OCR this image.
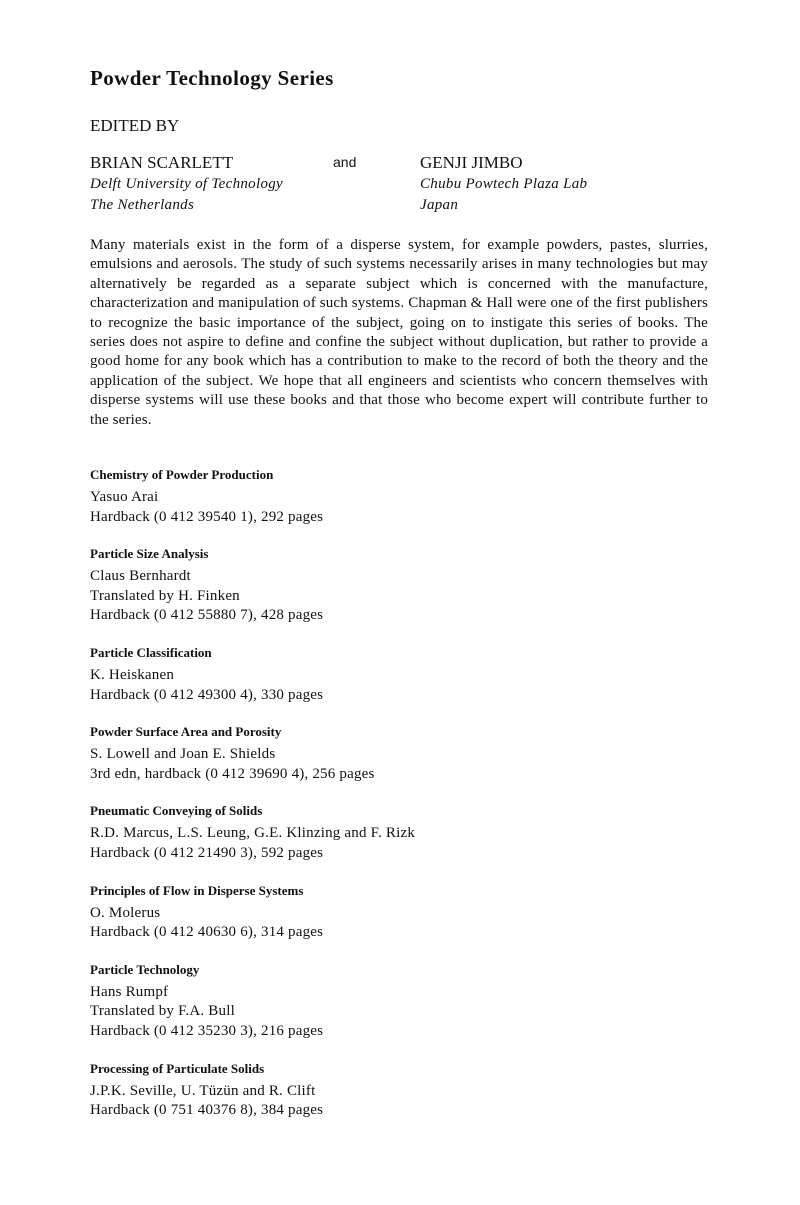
Powder Technology Series
EDITED BY
BRIAN SCARLETT
Delft University of Technology
The Netherlands
and	GENJI JIMBO
Chubu Powtech Plaza Lab
Japan
Many materials exist in the form of a disperse system, for example powders, pastes, slurries, emulsions and aerosols. The study of such systems necessarily arises in many technologies but may alternatively be regarded as a separate subject which is concerned with the manufacture, characterization and manipulation of such systems. Chapman & Hall were one of the first publishers to recognize the basic importance of the subject, going on to instigate this series of books. The series does not aspire to define and confine the subject without duplication, but rather to provide a good home for any book which has a contribution to make to the record of both the theory and the application of the subject. We hope that all engineers and scientists who concern themselves with disperse systems will use these books and that those who become expert will contribute further to the series.
Chemistry of Powder Production
Yasuo Arai
Hardback (0 412 39540 1), 292 pages
Particle Size Analysis
Claus Bernhardt
Translated by H. Finken
Hardback (0 412 55880 7), 428 pages
Particle Classification
K. Heiskanen
Hardback (0 412 49300 4), 330 pages
Powder Surface Area and Porosity
S. Lowell and Joan E. Shields
3rd edn, hardback (0 412 39690 4), 256 pages
Pneumatic Conveying of Solids
R.D. Marcus, L.S. Leung, G.E. Klinzing and F. Rizk
Hardback (0 412 21490 3), 592 pages
Principles of Flow in Disperse Systems
O. Molerus
Hardback (0 412 40630 6), 314 pages
Particle Technology
Hans Rumpf
Translated by F.A. Bull
Hardback (0 412 35230 3), 216 pages
Processing of Particulate Solids
J.P.K. Seville, U. Tüzün and R. Clift
Hardback (0 751 40376 8), 384 pages
